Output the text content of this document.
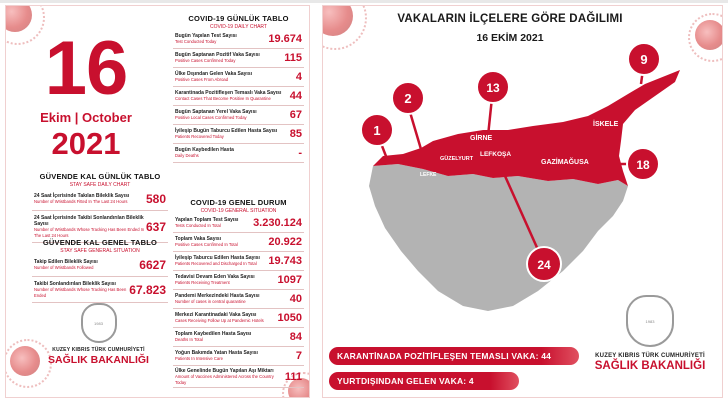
16
Ekim | October
2021
GÜVENDE KAL GÜNLÜK TABLO
STAY SAFE DAILY CHART
24 Saat İçerisinde Takılan Bileklik Sayısı
Number of Wristbands Fitted In The Last 24 Hours 580
24 Saat İçerisinde Takibi Sonlandırılan Bileklik Sayısı
Number of Wristbands Whose Tracking Has Been Ended In The Last 24 Hours
637
GÜVENDE KAL GENEL TABLO
STAY SAFE GENERAL SITUATION
Takip Edilen Bileklik Sayısı
Number of Wristbands Followed	6627
Takibi Sonlandırılan Bileklik Sayısı
Number of Wristbands Whose Tracking Has Been Ended	67.823
1983
KUZEY KIBRIS TÜRK CUMHURİYETİ
SAĞLIK BAKANLIĞI
COVID-19 GÜNLÜK TABLO
COVID-19 DAILY CHART
Bugün Yapılan Test Sayısı
Test Conducted Today	19.674
Bugün Saptanan Pozitif Vaka Sayısı
Positive Cases Confirmed Today	115
Ülke Dışından Gelen Vaka Sayısı
Positive Cases From Abroad	4
Karantinada Pozitifleşen Temaslı Vaka Sayısı
Contact Cases That Become Positive In Quarantine	44
Bugün Saptanan Yerel Vaka Sayısı
Positive Local Cases Confirmed Today	67
İyileşip Bugün Taburcu Edilen Hasta Sayısı
Patients Recovered Today	85
Bugün Kaybedilen Hasta
Daily Deaths	-
COVID-19 GENEL DURUM
COVID-19 GENERAL SITUATION
Yapılan Toplam Test Sayısı
Tests Conducted In Total	3.230.124
Toplam Vaka Sayısı
Positive Cases Confirmed In Total	20.922
İyileşip Taburcu Edilen Hasta Sayısı
Patients Recovered and Discharged In Total	19.743
Tedavisi Devam Eden Vaka Sayısı
Patients Receiving Treatment	1097
Pandemi Merkezindeki Hasta Sayısı
Number of cases in central quarantine	40
Merkezi Karantinadaki Vaka Sayısı
Cases Receiving Follow Up at Pandemic Hotels 1050
Toplam Kaybedilen Hasta Sayısı
Deaths In Total	84
Yoğun Bakımda Yatan Hasta Sayısı
Patients In Intensive Care	7
Ülke Genelinde Bugün Yapılan Aşı Miktarı
Amount of Vaccines Administered Across the Country Today	111
VAKALARIN İLÇELERE GÖRE DAĞILIMI
16 EKİM 2021
1
2
13
9
18
24
LEFKE
GÜZELYURT
GİRNE
İSKELE
GAZİMAĞUSA
LEFKOŞA
KARANTİNADA POZİTİFLEŞEN TEMASLI VAKA: 44
YURTDIŞINDAN GELEN VAKA: 4
1983
KUZEY KIBRIS TÜRK CUMHURİYETİ
SAĞLIK BAKANLIĞI
